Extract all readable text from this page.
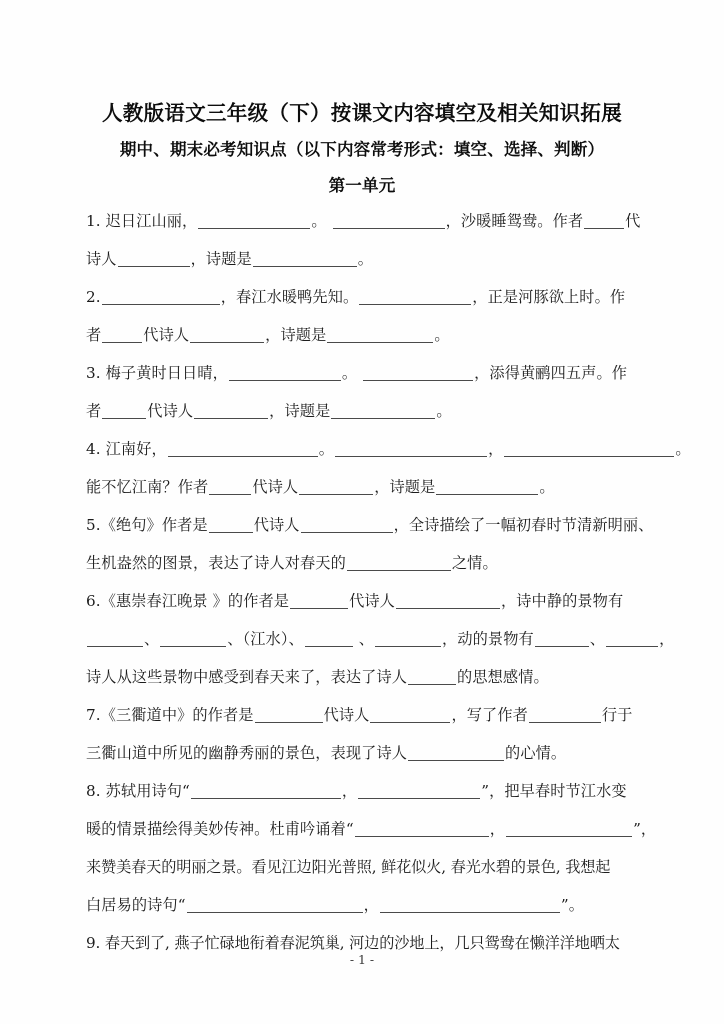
人教版语文三年级（下）按课文内容填空及相关知识拓展
期中、期末必考知识点（以下内容常考形式：填空、选择、判断）
第一单元
1. 迟日江山丽，	。	，沙暖睡鸳鸯。作者	代
诗人	，诗题是	。
2.	，春江水暖鸭先知。	，正是河豚欲上时。作
者	代诗人	，诗题是	。
3. 梅子黄时日日晴，	。	，添得黄鹂四五声。作
者	代诗人	，诗题是	。
4. 江南好，	。	，	。
能不忆江南？作者	代诗人	，诗题是	。
5.《绝句》作者是	代诗人	，全诗描绘了一幅初春时节清新明丽、
生机盎然的图景，表达了诗人对春天的	之情。
6.《惠崇春江晚景 》的作者是	代诗人	，诗中静的景物有
、	、（江水）、	、	，动的景物有	、	，
诗人从这些景物中感受到春天来了，表达了诗人	的思想感情。
7.《三衢道中》的作者是	代诗人	，写了作者	行于
三衢山道中所见的幽静秀丽的景色，表现了诗人	的心情。
8. 苏轼用诗句“	，	”，把早春时节江水变
暖的情景描绘得美妙传神。杜甫吟诵着“	，	”，
来赞美春天的明丽之景。看见江边阳光普照, 鲜花似火, 春光水碧的景色, 我想起
白居易的诗句“	，	”。
9. 春天到了, 燕子忙碌地衔着春泥筑巢, 河边的沙地上，几只鸳鸯在懒洋洋地晒太
- 1 -
